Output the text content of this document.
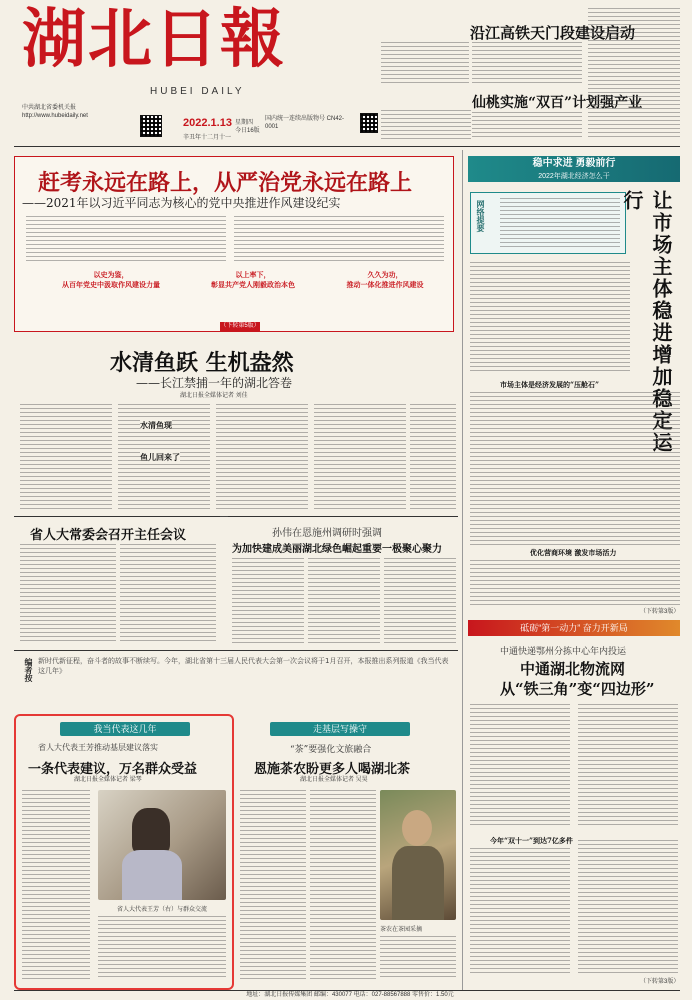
湖北日報
HUBEI DAILY
中共湖北省委机关报
http://www.hubeidaily.net
2022.1.13
辛丑年十二月十一
星期四
今日16版
国内统一连续出版物号 CN42-0001
沿江高铁天门段建设启动
仙桃实施“双百”计划强产业
赶考永远在路上，从严治党永远在路上
——2021年以习近平同志为核心的党中央推进作风建设纪实
以史为鉴，
从百年党史中汲取作风建设力量
以上率下，
彰显共产党人刚毅政治本色
久久为功，
推动一体化推进作风建设
（下转第5版）
水清鱼跃 生机盎然
——长江禁捕一年的湖北答卷
湖北日报全媒体记者 刘佳
水清鱼现
鱼儿回来了
省人大常委会召开主任会议	孙伟在恩施州调研时强调
为加快建成美丽湖北绿色崛起重要一极聚心聚力
编者按 新时代新征程，奋斗者的故事不断续写。今年，湖北省第十三届人民代表大会第一次会议将于1月召开，本报推出系列报道《我当代表这几年》
我当代表这几年
省人大代表王芳推动基层建议落实
一条代表建议，万名群众受益
湖北日报全媒体记者 梁琴
省人大代表王芳（右）与群众交流
走基层写操守
“茶”要强化文旅融合
恩施茶农盼更多人喝湖北茶
湖北日报全媒体记者 吴昊
茶农在茶园采摘
稳中求进 勇毅前行
2022年湖北经济怎么干
网络提要	让市场主体稳进增加稳定运行
市场主体是经济发展的“压舱石”
优化营商环境 激发市场活力
（下转第3版）
砥砺“第一动力” 奋力开新局
中通快递鄂州分拣中心年内投运
中通湖北物流网
从“铁三角”变“四边形”
今年“双十一”到达7亿多件
（下转第3版）
地址：湖北日报传媒集团 邮编：430077 电话：027-88567888 零售价：1.50元
